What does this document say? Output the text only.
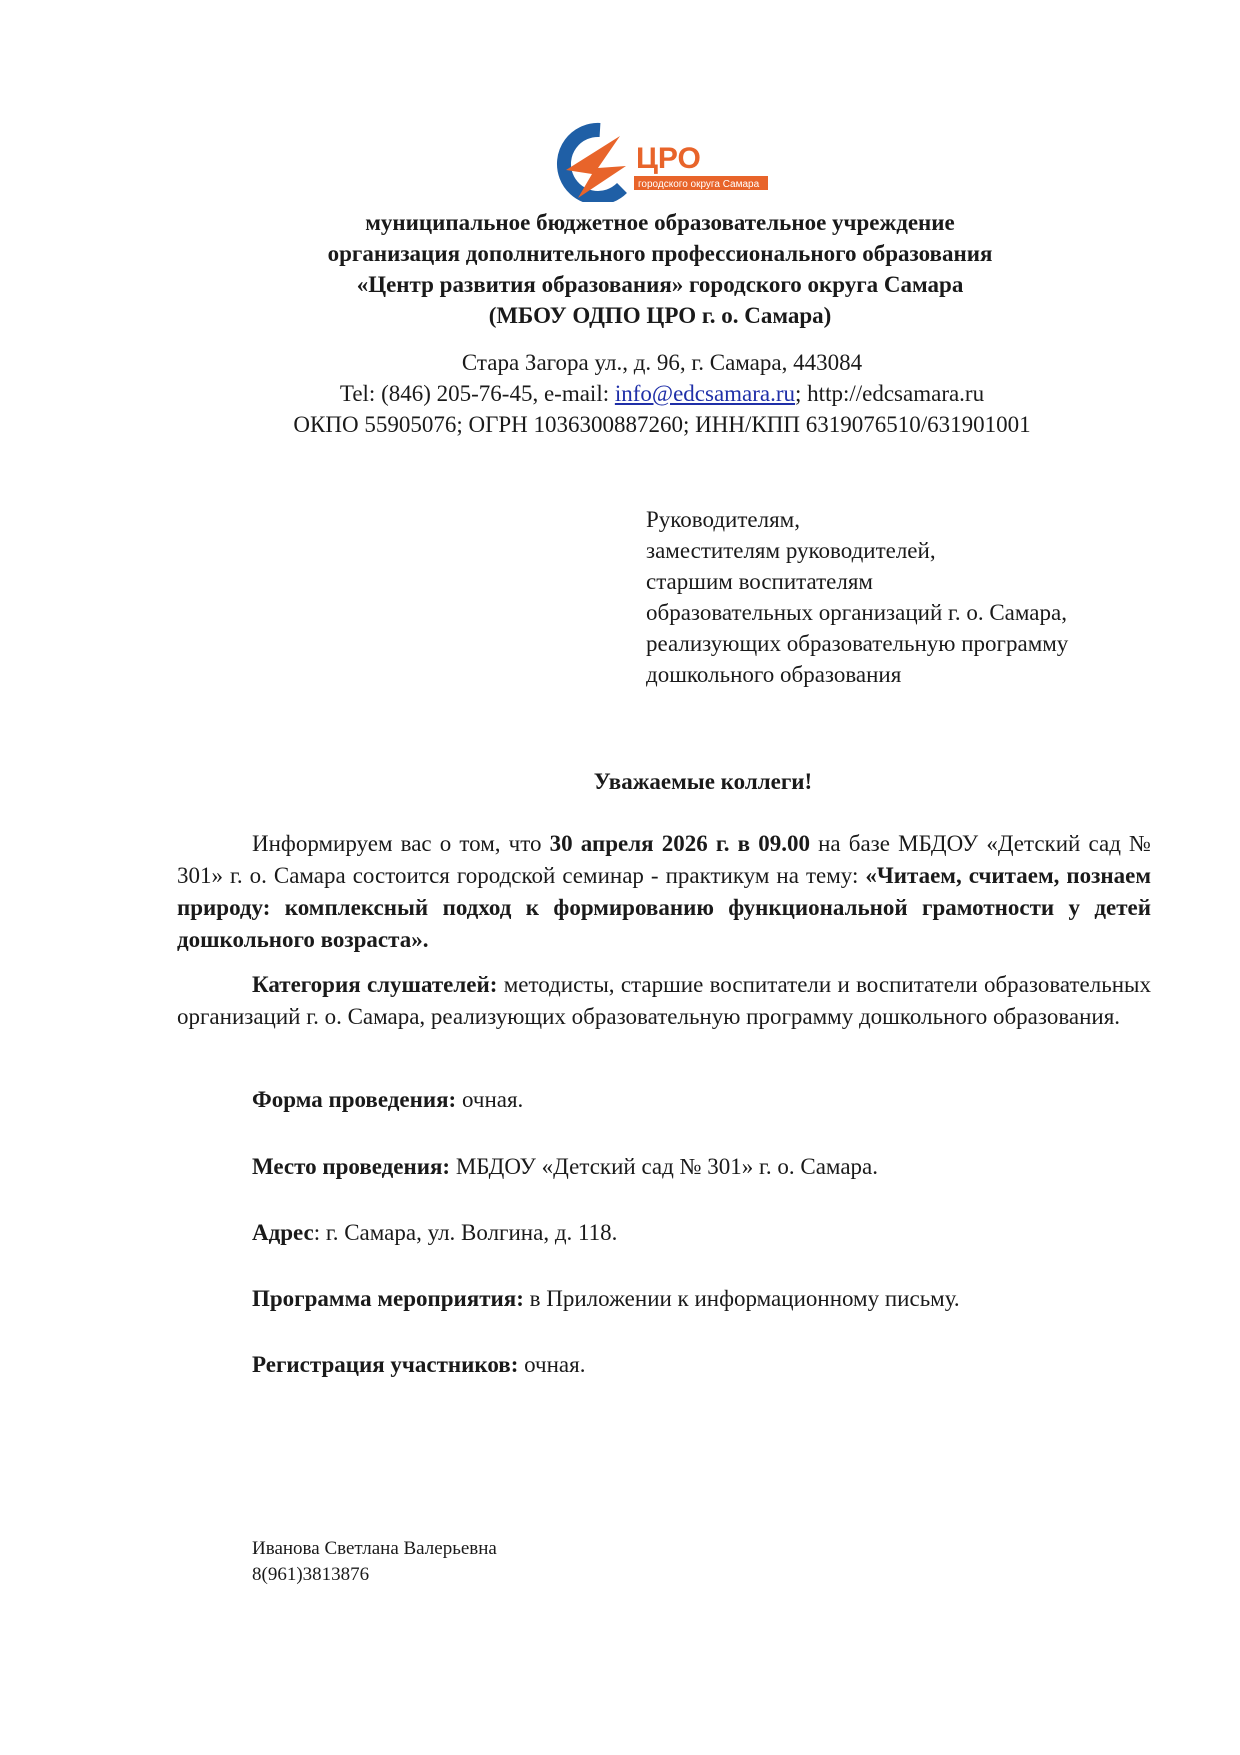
ЦРО
городского округа Самара
муниципальное бюджетное образовательное учреждение
организация дополнительного профессионального образования
«Центр развития образования» городского округа Самара
(МБОУ ОДПО ЦРО г. о. Самара)
Стара Загора ул., д. 96, г. Самара, 443084
Tel: (846) 205-76-45, e-mail: info@edcsamara.ru; http://edcsamara.ru
ОКПО 55905076; ОГРН 1036300887260; ИНН/КПП 6319076510/631901001
Руководителям,
заместителям руководителей,
старшим воспитателям
образовательных организаций г. о. Самара,
реализующих образовательную программу
дошкольного образования
Уважаемые коллеги!
Информируем вас о том, что 30 апреля 2026 г. в 09.00 на базе МБДОУ «Детский сад № 301» г. о. Самара состоится городской семинар - практикум на тему: «Читаем, считаем, познаем природу: комплексный подход к формированию функциональной грамотности у детей дошкольного возраста».
Категория слушателей: методисты, старшие воспитатели и воспитатели образовательных организаций г. о. Самара, реализующих образовательную программу дошкольного образования.
Форма проведения: очная.
Место проведения: МБДОУ «Детский сад № 301» г. о. Самара.
Адрес: г. Самара, ул. Волгина, д. 118.
Программа мероприятия: в Приложении к информационному письму.
Регистрация участников: очная.
Иванова Светлана Валерьевна
8(961)3813876
